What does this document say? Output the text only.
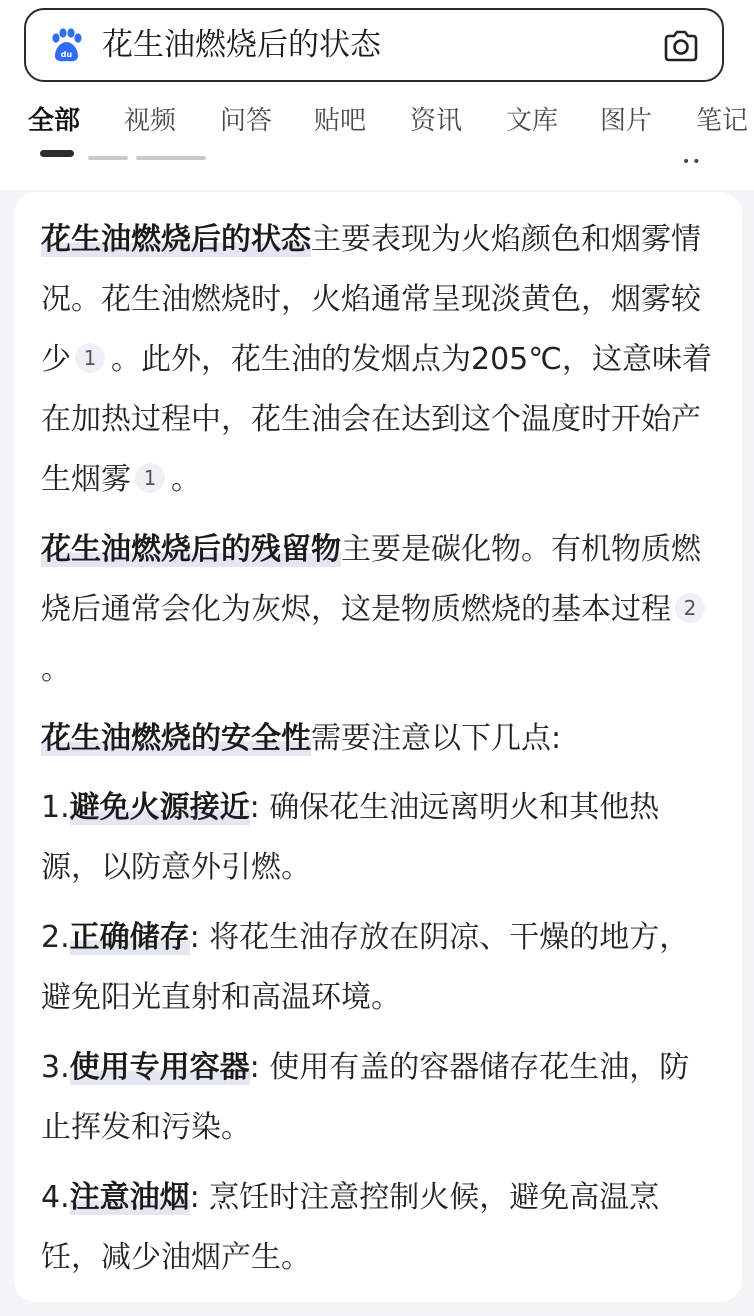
du
花生油燃烧后的状态
全部 视频 问答 贴吧 资讯 文库 图片 笔记
••

花生油燃烧后的状态主要表现为火焰颜色和烟雾情况。花生油燃烧时，火焰通常呈现淡黄色，烟雾较少 1 。此外，花生油的发烟点为205℃，这意味着在加热过程中，花生油会在达到这个温度时开始产生烟雾 1 。

花生油燃烧后的残留物主要是碳化物。有机物质燃烧后通常会化为灰烬，这是物质燃烧的基本过程 2。

花生油燃烧的安全性需要注意以下几点:

1.避免火源接近: 确保花生油远离明火和其他热源，以防意外引燃。

2.正确储存: 将花生油存放在阴凉、干燥的地方，避免阳光直射和高温环境。

3.使用专用容器: 使用有盖的容器储存花生油，防止挥发和污染。

4.注意油烟: 烹饪时注意控制火候，避免高温烹饪，减少油烟产生。
